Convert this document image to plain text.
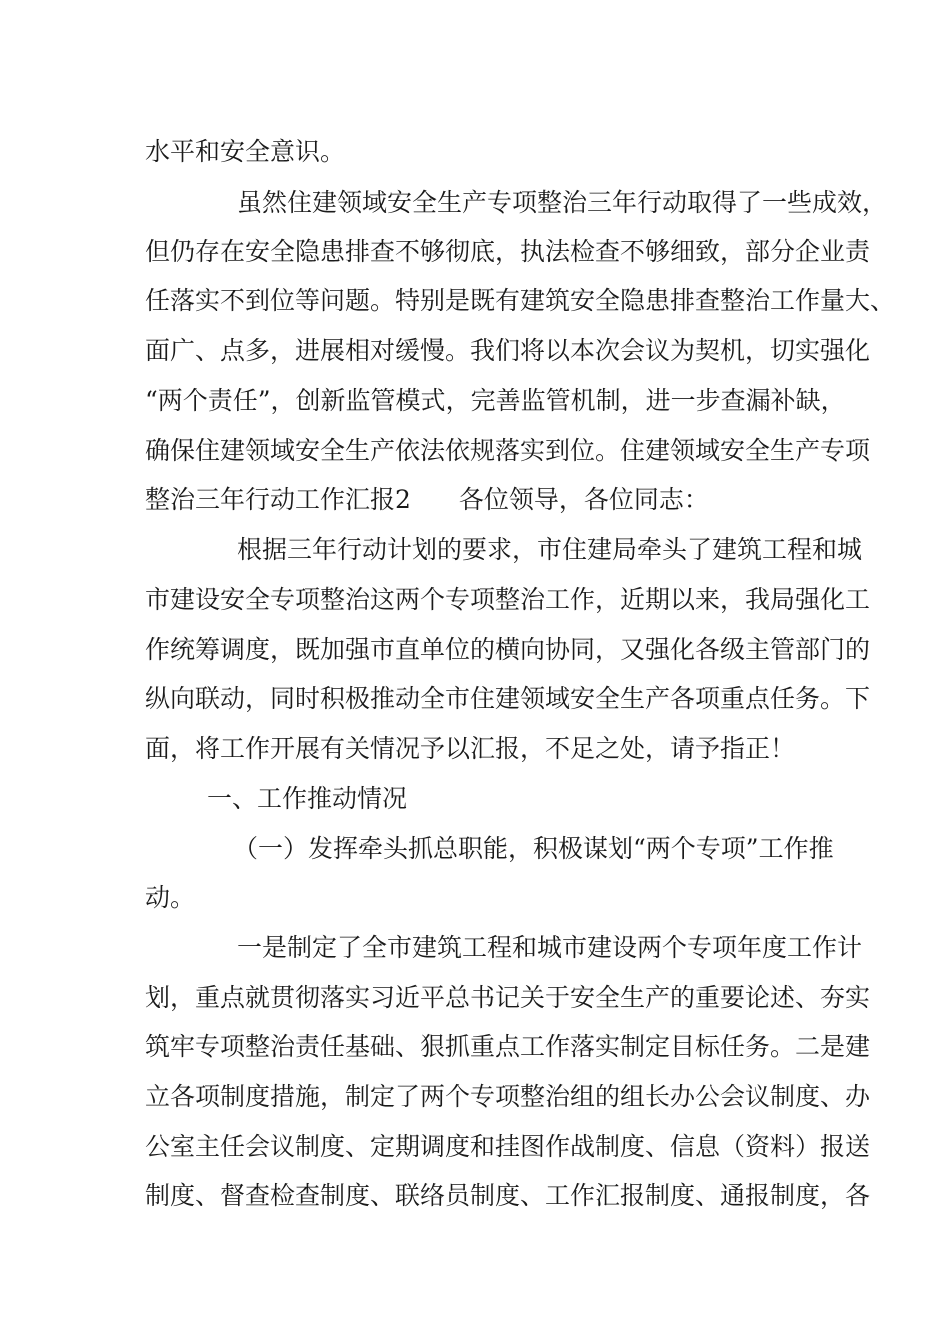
水平和安全意识。
虽然住建领域安全生产专项整治三年行动取得了一些成效，
但仍存在安全隐患排查不够彻底，执法检查不够细致，部分企业责
任落实不到位等问题。特别是既有建筑安全隐患排查整治工作量大、
面广、点多，进展相对缓慢。我们将以本次会议为契机，切实强化
“两个责任”，创新监管模式，完善监管机制，进一步查漏补缺，
确保住建领域安全生产依法依规落实到位。住建领域安全生产专项
整治三年行动工作汇报2 各位领导，各位同志：
根据三年行动计划的要求，市住建局牵头了建筑工程和城
市建设安全专项整治这两个专项整治工作，近期以来，我局强化工
作统筹调度，既加强市直单位的横向协同，又强化各级主管部门的
纵向联动，同时积极推动全市住建领域安全生产各项重点任务。下
面，将工作开展有关情况予以汇报，不足之处，请予指正！
一、工作推动情况
（一）发挥牵头抓总职能，积极谋划“两个专项”工作推
动。
一是制定了全市建筑工程和城市建设两个专项年度工作计
划，重点就贯彻落实习近平总书记关于安全生产的重要论述、夯实
筑牢专项整治责任基础、狠抓重点工作落实制定目标任务。二是建
立各项制度措施，制定了两个专项整治组的组长办公会议制度、办
公室主任会议制度、定期调度和挂图作战制度、信息（资料）报送
制度、督查检查制度、联络员制度、工作汇报制度、通报制度，各
